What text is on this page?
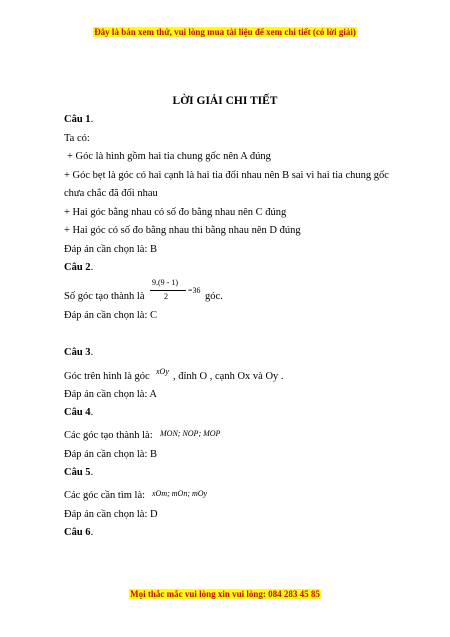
Đây là bản xem thử, vui lòng mua tài liệu để xem chi tiết (có lời giải)
LỜI GIẢI CHI TIẾT
Câu 1.
Ta có:
+ Góc là hình gồm hai tia chung gốc nên A đúng
+ Góc bẹt là góc có hai cạnh là hai tia đối nhau nên B sai vì hai tia chung gốc
chưa chắc đã đối nhau
+ Hai góc bằng nhau có số đo bằng nhau nên C đúng
+ Hai góc có số đo bằng nhau thì bằng nhau nên D đúng
Đáp án cần chọn là: B
Câu 2.
Số góc tạo thành là
9.(9 - 1)
2
=36
góc.
Đáp án cần chọn là: C
Câu 3.
Góc trên hình là góc xOy , đỉnh O , cạnh Ox và Oy .
Đáp án cần chọn là: A
Câu 4.
Các góc tạo thành là: MON; NOP; MOP
Đáp án cần chọn là: B
Câu 5.
Các góc cần tìm là: xOm; mOn; mOy
Đáp án cần chọn là: D
Câu 6.
Mọi thắc mắc vui lòng xin vui lòng: 084 283 45 85
